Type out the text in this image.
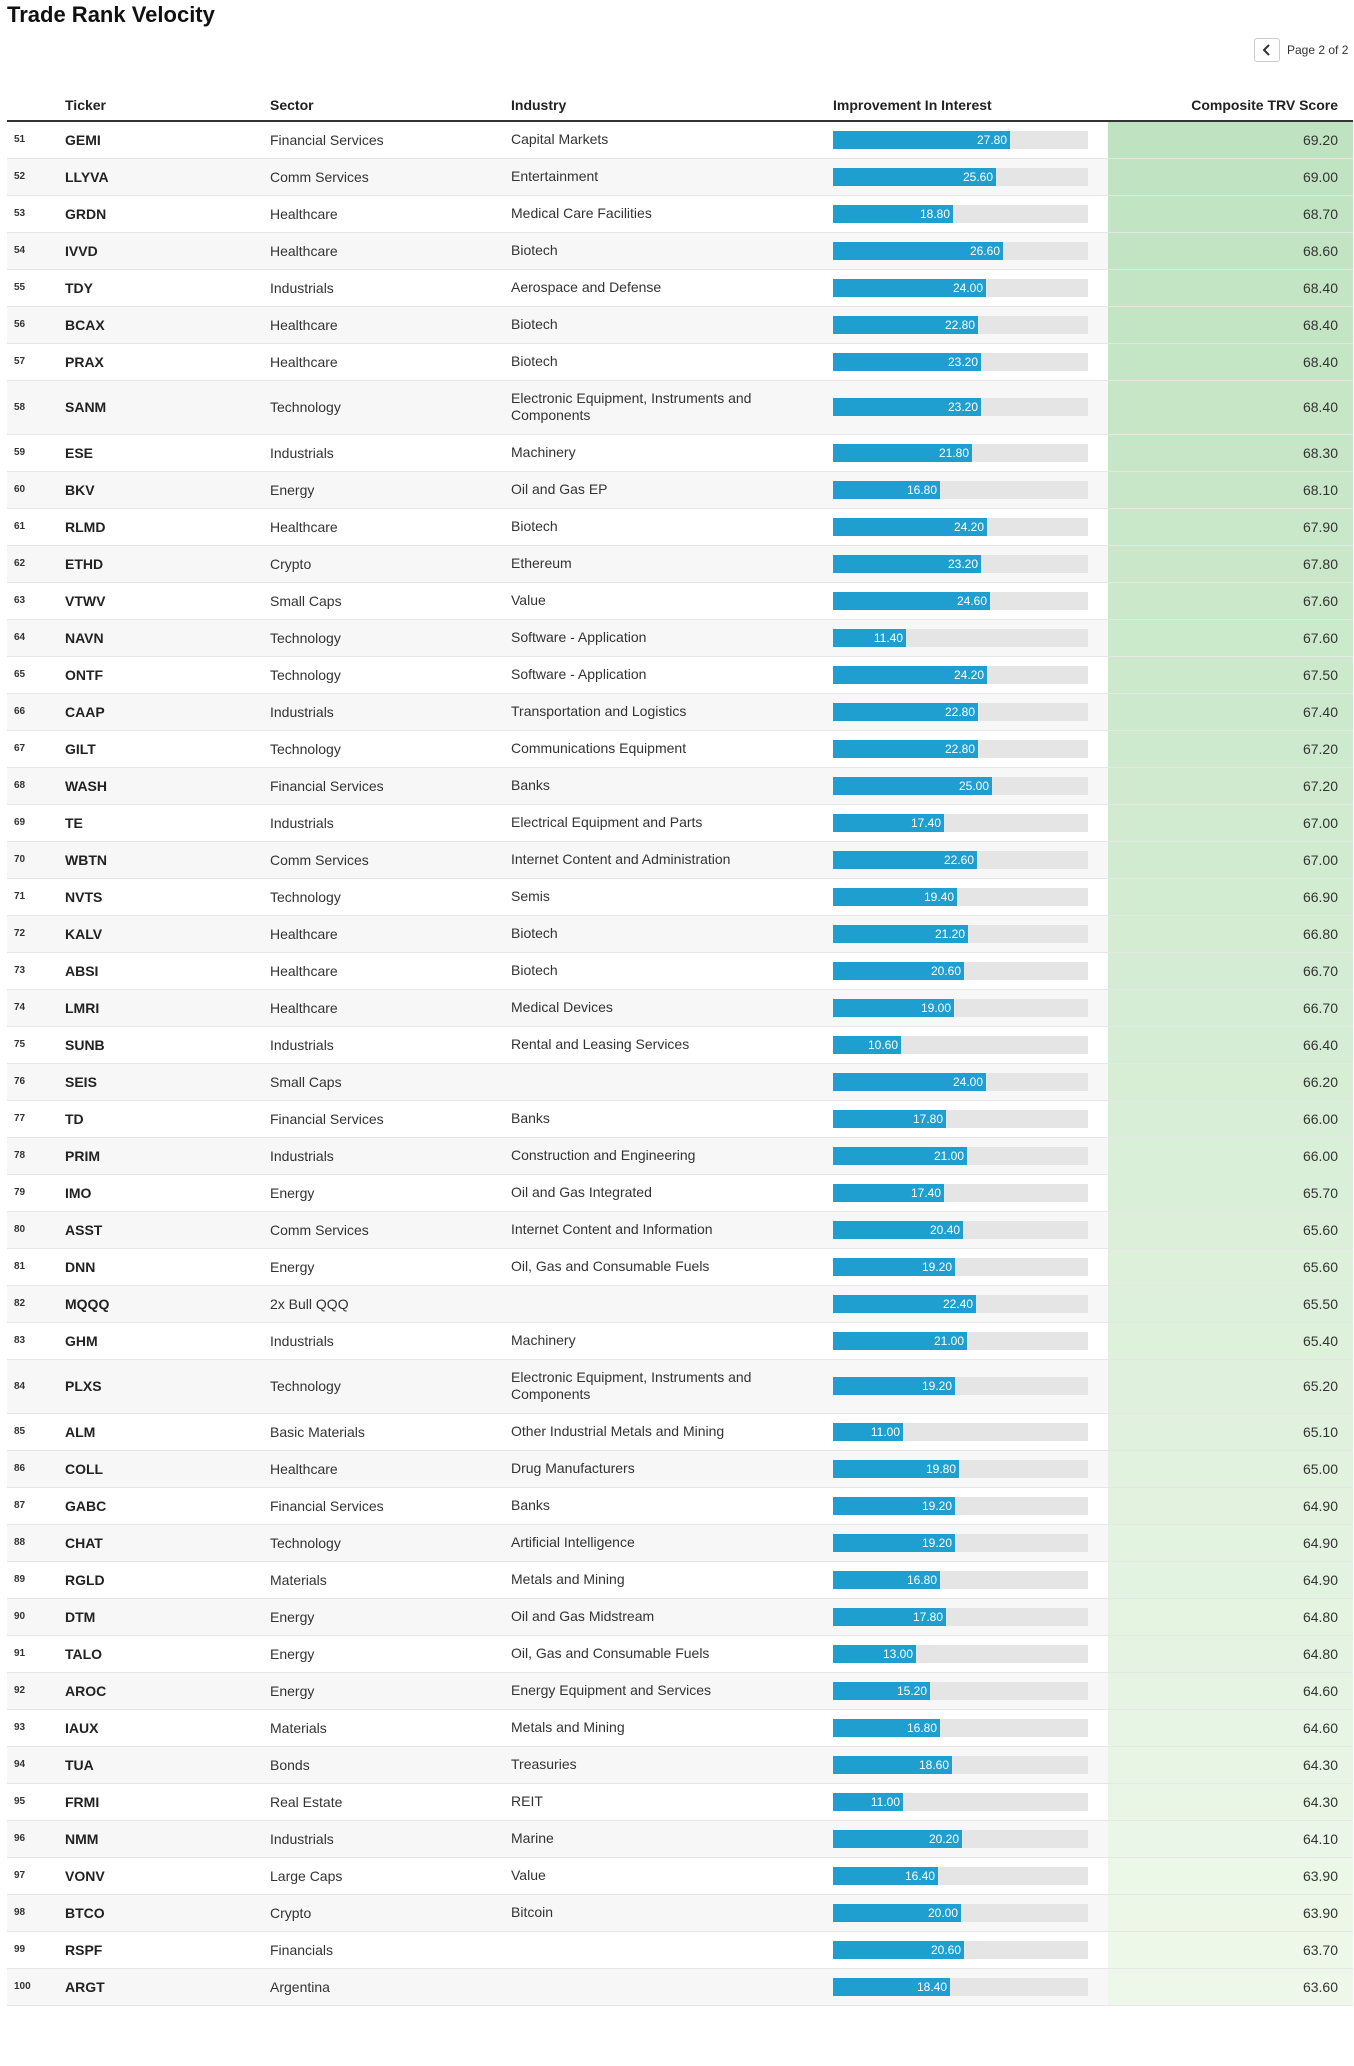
Trade Rank Velocity
Page 2 of 2
	Ticker	Sector	Industry	Improvement In Interest	Composite TRV Score
51	GEMI	Financial Services	Capital Markets	27.80	69.20
52	LLYVA	Comm Services	Entertainment	25.60	69.00
53	GRDN	Healthcare	Medical Care Facilities	18.80	68.70
54	IVVD	Healthcare	Biotech	26.60	68.60
55	TDY	Industrials	Aerospace and Defense	24.00	68.40
56	BCAX	Healthcare	Biotech	22.80	68.40
57	PRAX	Healthcare	Biotech	23.20	68.40
58	SANM	Technology	Electronic Equipment, Instruments and Components	23.20	68.40
59	ESE	Industrials	Machinery	21.80	68.30
60	BKV	Energy	Oil and Gas EP	16.80	68.10
61	RLMD	Healthcare	Biotech	24.20	67.90
62	ETHD	Crypto	Ethereum	23.20	67.80
63	VTWV	Small Caps	Value	24.60	67.60
64	NAVN	Technology	Software - Application	11.40	67.60
65	ONTF	Technology	Software - Application	24.20	67.50
66	CAAP	Industrials	Transportation and Logistics	22.80	67.40
67	GILT	Technology	Communications Equipment	22.80	67.20
68	WASH	Financial Services	Banks	25.00	67.20
69	TE	Industrials	Electrical Equipment and Parts	17.40	67.00
70	WBTN	Comm Services	Internet Content and Administration	22.60	67.00
71	NVTS	Technology	Semis	19.40	66.90
72	KALV	Healthcare	Biotech	21.20	66.80
73	ABSI	Healthcare	Biotech	20.60	66.70
74	LMRI	Healthcare	Medical Devices	19.00	66.70
75	SUNB	Industrials	Rental and Leasing Services	10.60	66.40
76	SEIS	Small Caps		24.00	66.20
77	TD	Financial Services	Banks	17.80	66.00
78	PRIM	Industrials	Construction and Engineering	21.00	66.00
79	IMO	Energy	Oil and Gas Integrated	17.40	65.70
80	ASST	Comm Services	Internet Content and Information	20.40	65.60
81	DNN	Energy	Oil, Gas and Consumable Fuels	19.20	65.60
82	MQQQ	2x Bull QQQ		22.40	65.50
83	GHM	Industrials	Machinery	21.00	65.40
84	PLXS	Technology	Electronic Equipment, Instruments and Components	19.20	65.20
85	ALM	Basic Materials	Other Industrial Metals and Mining	11.00	65.10
86	COLL	Healthcare	Drug Manufacturers	19.80	65.00
87	GABC	Financial Services	Banks	19.20	64.90
88	CHAT	Technology	Artificial Intelligence	19.20	64.90
89	RGLD	Materials	Metals and Mining	16.80	64.90
90	DTM	Energy	Oil and Gas Midstream	17.80	64.80
91	TALO	Energy	Oil, Gas and Consumable Fuels	13.00	64.80
92	AROC	Energy	Energy Equipment and Services	15.20	64.60
93	IAUX	Materials	Metals and Mining	16.80	64.60
94	TUA	Bonds	Treasuries	18.60	64.30
95	FRMI	Real Estate	REIT	11.00	64.30
96	NMM	Industrials	Marine	20.20	64.10
97	VONV	Large Caps	Value	16.40	63.90
98	BTCO	Crypto	Bitcoin	20.00	63.90
99	RSPF	Financials		20.60	63.70
100	ARGT	Argentina		18.40	63.60
